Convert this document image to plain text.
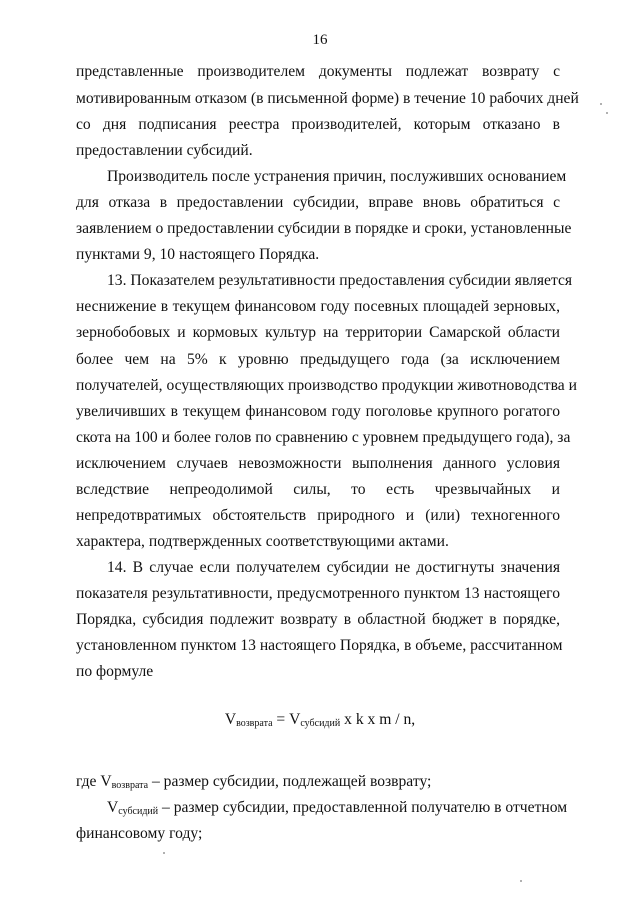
16
представленные производителем документы подлежат возврату с
мотивированным отказом (в письменной форме) в течение 10 рабочих дней
со дня подписания реестра производителей, которым отказано в
предоставлении субсидий.
Производитель после устранения причин, послуживших основанием
для отказа в предоставлении субсидии, вправе вновь обратиться с
заявлением о предоставлении субсидии в порядке и сроки, установленные
пунктами 9, 10 настоящего Порядка.
13. Показателем результативности предоставления субсидии является
неснижение в текущем финансовом году посевных площадей зерновых,
зернобобовых и кормовых культур на территории Самарской области
более чем на 5% к уровню предыдущего года (за исключением
получателей, осуществляющих производство продукции животноводства и
увеличивших в текущем финансовом году поголовье крупного рогатого
скота на 100 и более голов по сравнению с уровнем предыдущего года), за
исключением случаев невозможности выполнения данного условия
вследствие непреодолимой силы, то есть чрезвычайных и
непредотвратимых обстоятельств природного и (или) техногенного
характера, подтвержденных соответствующими актами.
14. В случае если получателем субсидии не достигнуты значения
показателя результативности, предусмотренного пунктом 13 настоящего
Порядка, субсидия подлежит возврату в областной бюджет в порядке,
установленном пунктом 13 настоящего Порядка, в объеме, рассчитанном
по формуле
$V_{возврата} = V_{субсидий}$ x k x m / n,
где $V_{возврата}$ – размер субсидии, подлежащей возврату;
$V_{субсидий}$ – размер субсидии, предоставленной получателю в отчетном
финансовому году;
